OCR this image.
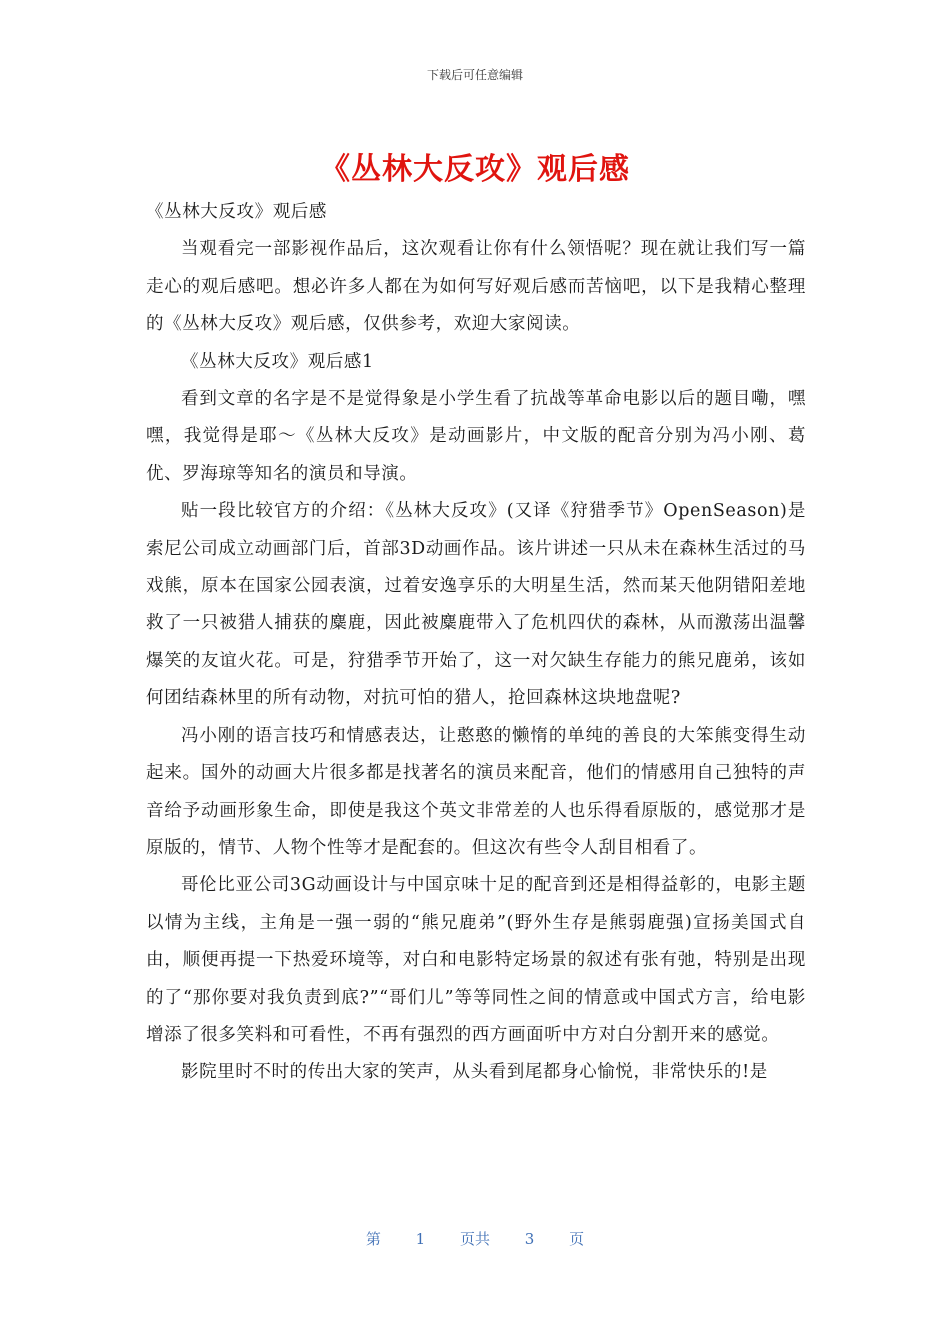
下载后可任意编辑
《丛林大反攻》观后感

《丛林大反攻》观后感

当观看完一部影视作品后，这次观看让你有什么领悟呢？现在就让我们写一篇走心的观后感吧。想必许多人都在为如何写好观后感而苦恼吧，以下是我精心整理的《丛林大反攻》观后感，仅供参考，欢迎大家阅读。

《丛林大反攻》观后感1

看到文章的名字是不是觉得象是小学生看了抗战等革命电影以后的题目嘞，嘿嘿，我觉得是耶～《丛林大反攻》是动画影片，中文版的配音分别为冯小刚、葛优、罗海琼等知名的演员和导演。

贴一段比较官方的介绍：《丛林大反攻》(又译《狩猎季节》OpenSeason)是索尼公司成立动画部门后，首部3D动画作品。该片讲述一只从未在森林生活过的马戏熊，原本在国家公园表演，过着安逸享乐的大明星生活，然而某天他阴错阳差地救了一只被猎人捕获的麋鹿，因此被麋鹿带入了危机四伏的森林，从而激荡出温馨爆笑的友谊火花。可是，狩猎季节开始了，这一对欠缺生存能力的熊兄鹿弟，该如何团结森林里的所有动物，对抗可怕的猎人，抢回森林这块地盘呢?

冯小刚的语言技巧和情感表达，让憨憨的懒惰的单纯的善良的大笨熊变得生动起来。国外的动画大片很多都是找著名的演员来配音，他们的情感用自己独特的声音给予动画形象生命，即使是我这个英文非常差的人也乐得看原版的，感觉那才是原版的，情节、人物个性等才是配套的。但这次有些令人刮目相看了。

哥伦比亚公司3G动画设计与中国京味十足的配音到还是相得益彰的，电影主题以情为主线，主角是一强一弱的“熊兄鹿弟”(野外生存是熊弱鹿强)宣扬美国式自由，顺便再提一下热爱环境等，对白和电影特定场景的叙述有张有弛，特别是出现的了“那你要对我负责到底?”“哥们儿”等等同性之间的情意或中国式方言，给电影增添了很多笑料和可看性，不再有强烈的西方画面听中方对白分割开来的感觉。

影院里时不时的传出大家的笑声，从头看到尾都身心愉悦，非常快乐的!是

第 1 页共 3 页
